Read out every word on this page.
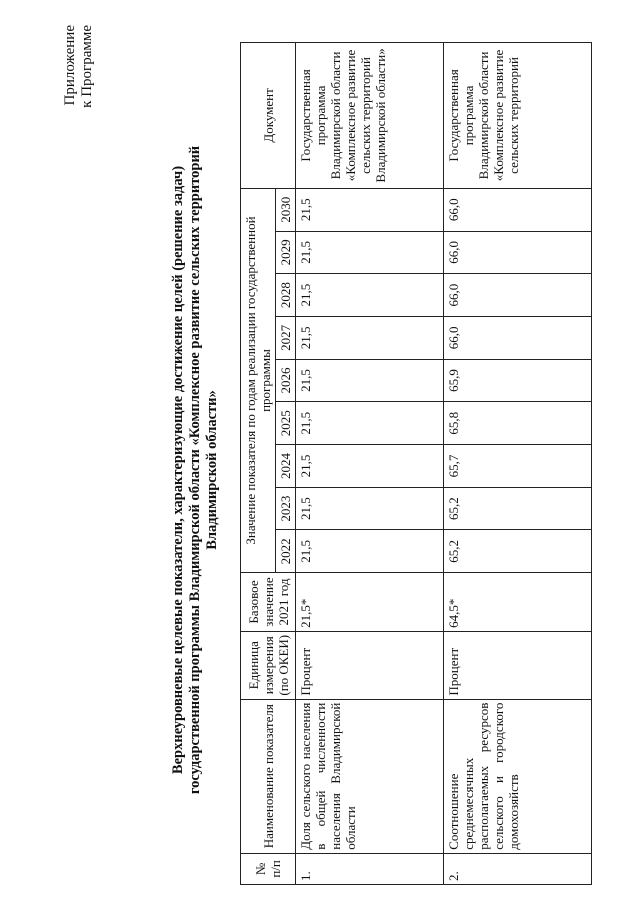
Приложение к Программе
Верхнеуровневые целевые показатели, характеризующие достижение целей (решение задач) государственной программы Владимирской области «Комплексное развитие сельских территорий Владимирской области»
№ п/п	Наименование показателя	Единица измерения (по ОКЕИ)	Базовое значение 2021 год	Значение показателя по годам реализации государственной программы									Документ
				2022	2023	2024	2025	2026	2027	2028	2029	2030	
1.	Доля сельского населения в общей численности населения Владимирской области	Процент	21,5*	21,5	21,5	21,5	21,5	21,5	21,5	21,5	21,5	21,5	Государственная программа Владимирской области «Комплексное развитие сельских территорий Владимирской области»
2.	Соотношение среднемесячных располагаемых ресурсов сельского и городского домохозяйств	Процент	64,5*	65,2	65,2	65,7	65,8	65,9	66,0	66,0	66,0	66,0	Государственная программа Владимирской области «Комплексное развитие сельских территорий
